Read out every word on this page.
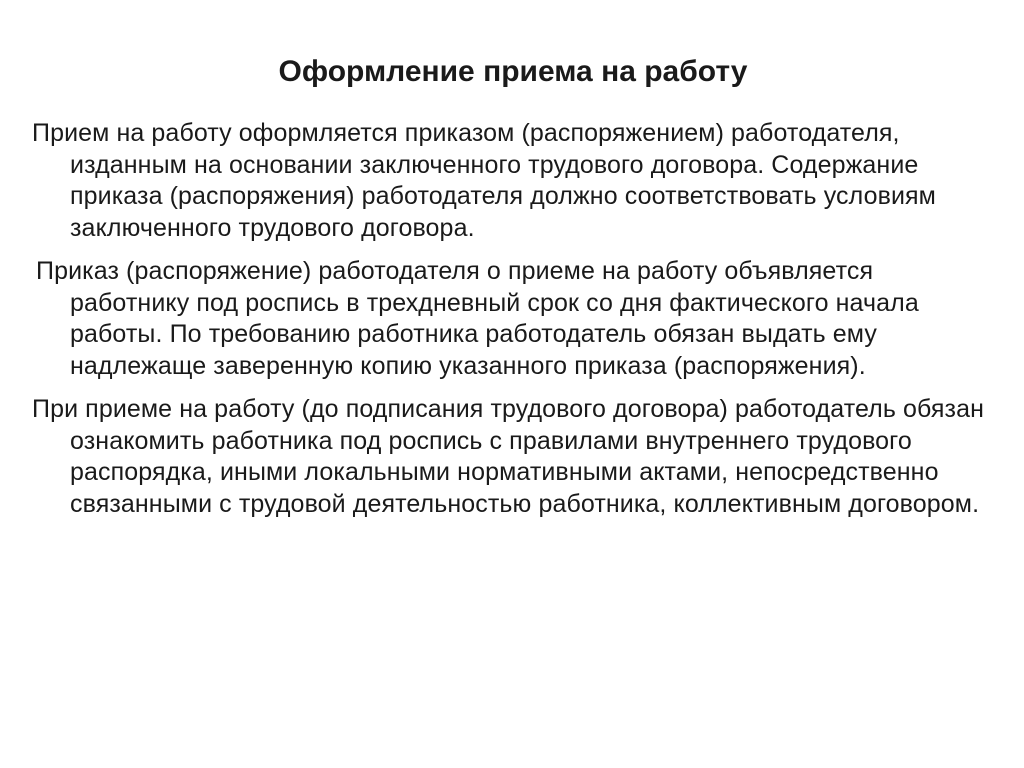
Оформление приема на работу

Прием на работу оформляется приказом (распоряжением) работодателя, изданным на основании заключенного трудового договора. Содержание приказа (распоряжения) работодателя должно соответствовать условиям заключенного трудового договора.

Приказ (распоряжение) работодателя о приеме на работу объявляется работнику под роспись в трехдневный срок со дня фактического начала работы. По требованию работника работодатель обязан выдать ему надлежаще заверенную копию указанного приказа (распоряжения).

При приеме на работу (до подписания трудового договора) работодатель обязан ознакомить работника под роспись с правилами внутреннего трудового распорядка, иными локальными нормативными актами, непосредственно связанными с трудовой деятельностью работника, коллективным договором.
